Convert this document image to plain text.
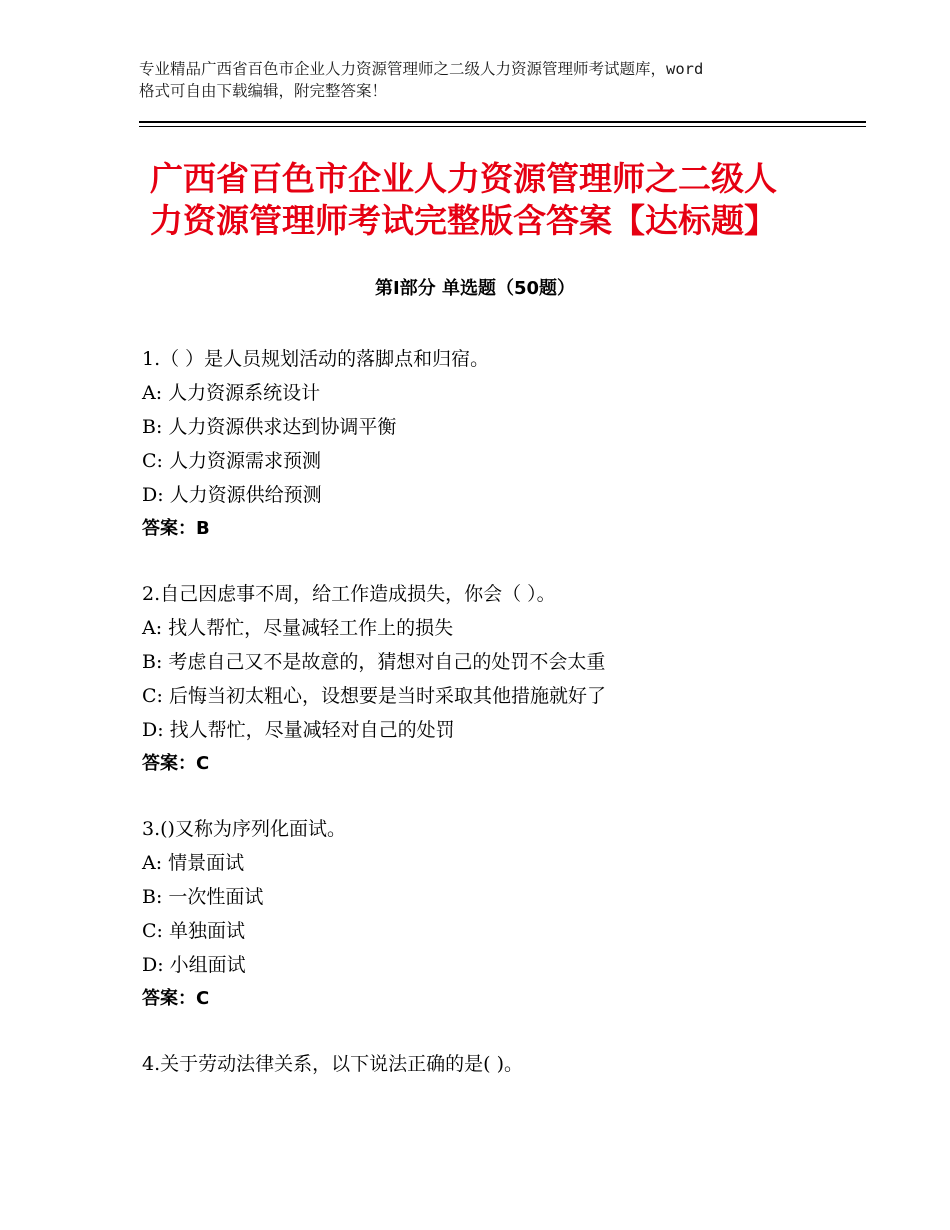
专业精品广西省百色市企业人力资源管理师之二级人力资源管理师考试题库，word
格式可自由下载编辑，附完整答案！
广西省百色市企业人力资源管理师之二级人
力资源管理师考试完整版含答案【达标题】
第Ⅰ部分 单选题（50题）
1.（ ）是人员规划活动的落脚点和归宿。
A: 人力资源系统设计
B: 人力资源供求达到协调平衡
C: 人力资源需求预测
D: 人力资源供给预测
答案：B
2.自己因虑事不周，给工作造成损失，你会（ ）。
A: 找人帮忙，尽量减轻工作上的损失
B: 考虑自己又不是故意的，猜想对自己的处罚不会太重
C: 后悔当初太粗心，设想要是当时采取其他措施就好了
D: 找人帮忙，尽量减轻对自己的处罚
答案：C
3.()又称为序列化面试。
A: 情景面试
B: 一次性面试
C: 单独面试
D: 小组面试
答案：C
4.关于劳动法律关系，以下说法正确的是( )。
